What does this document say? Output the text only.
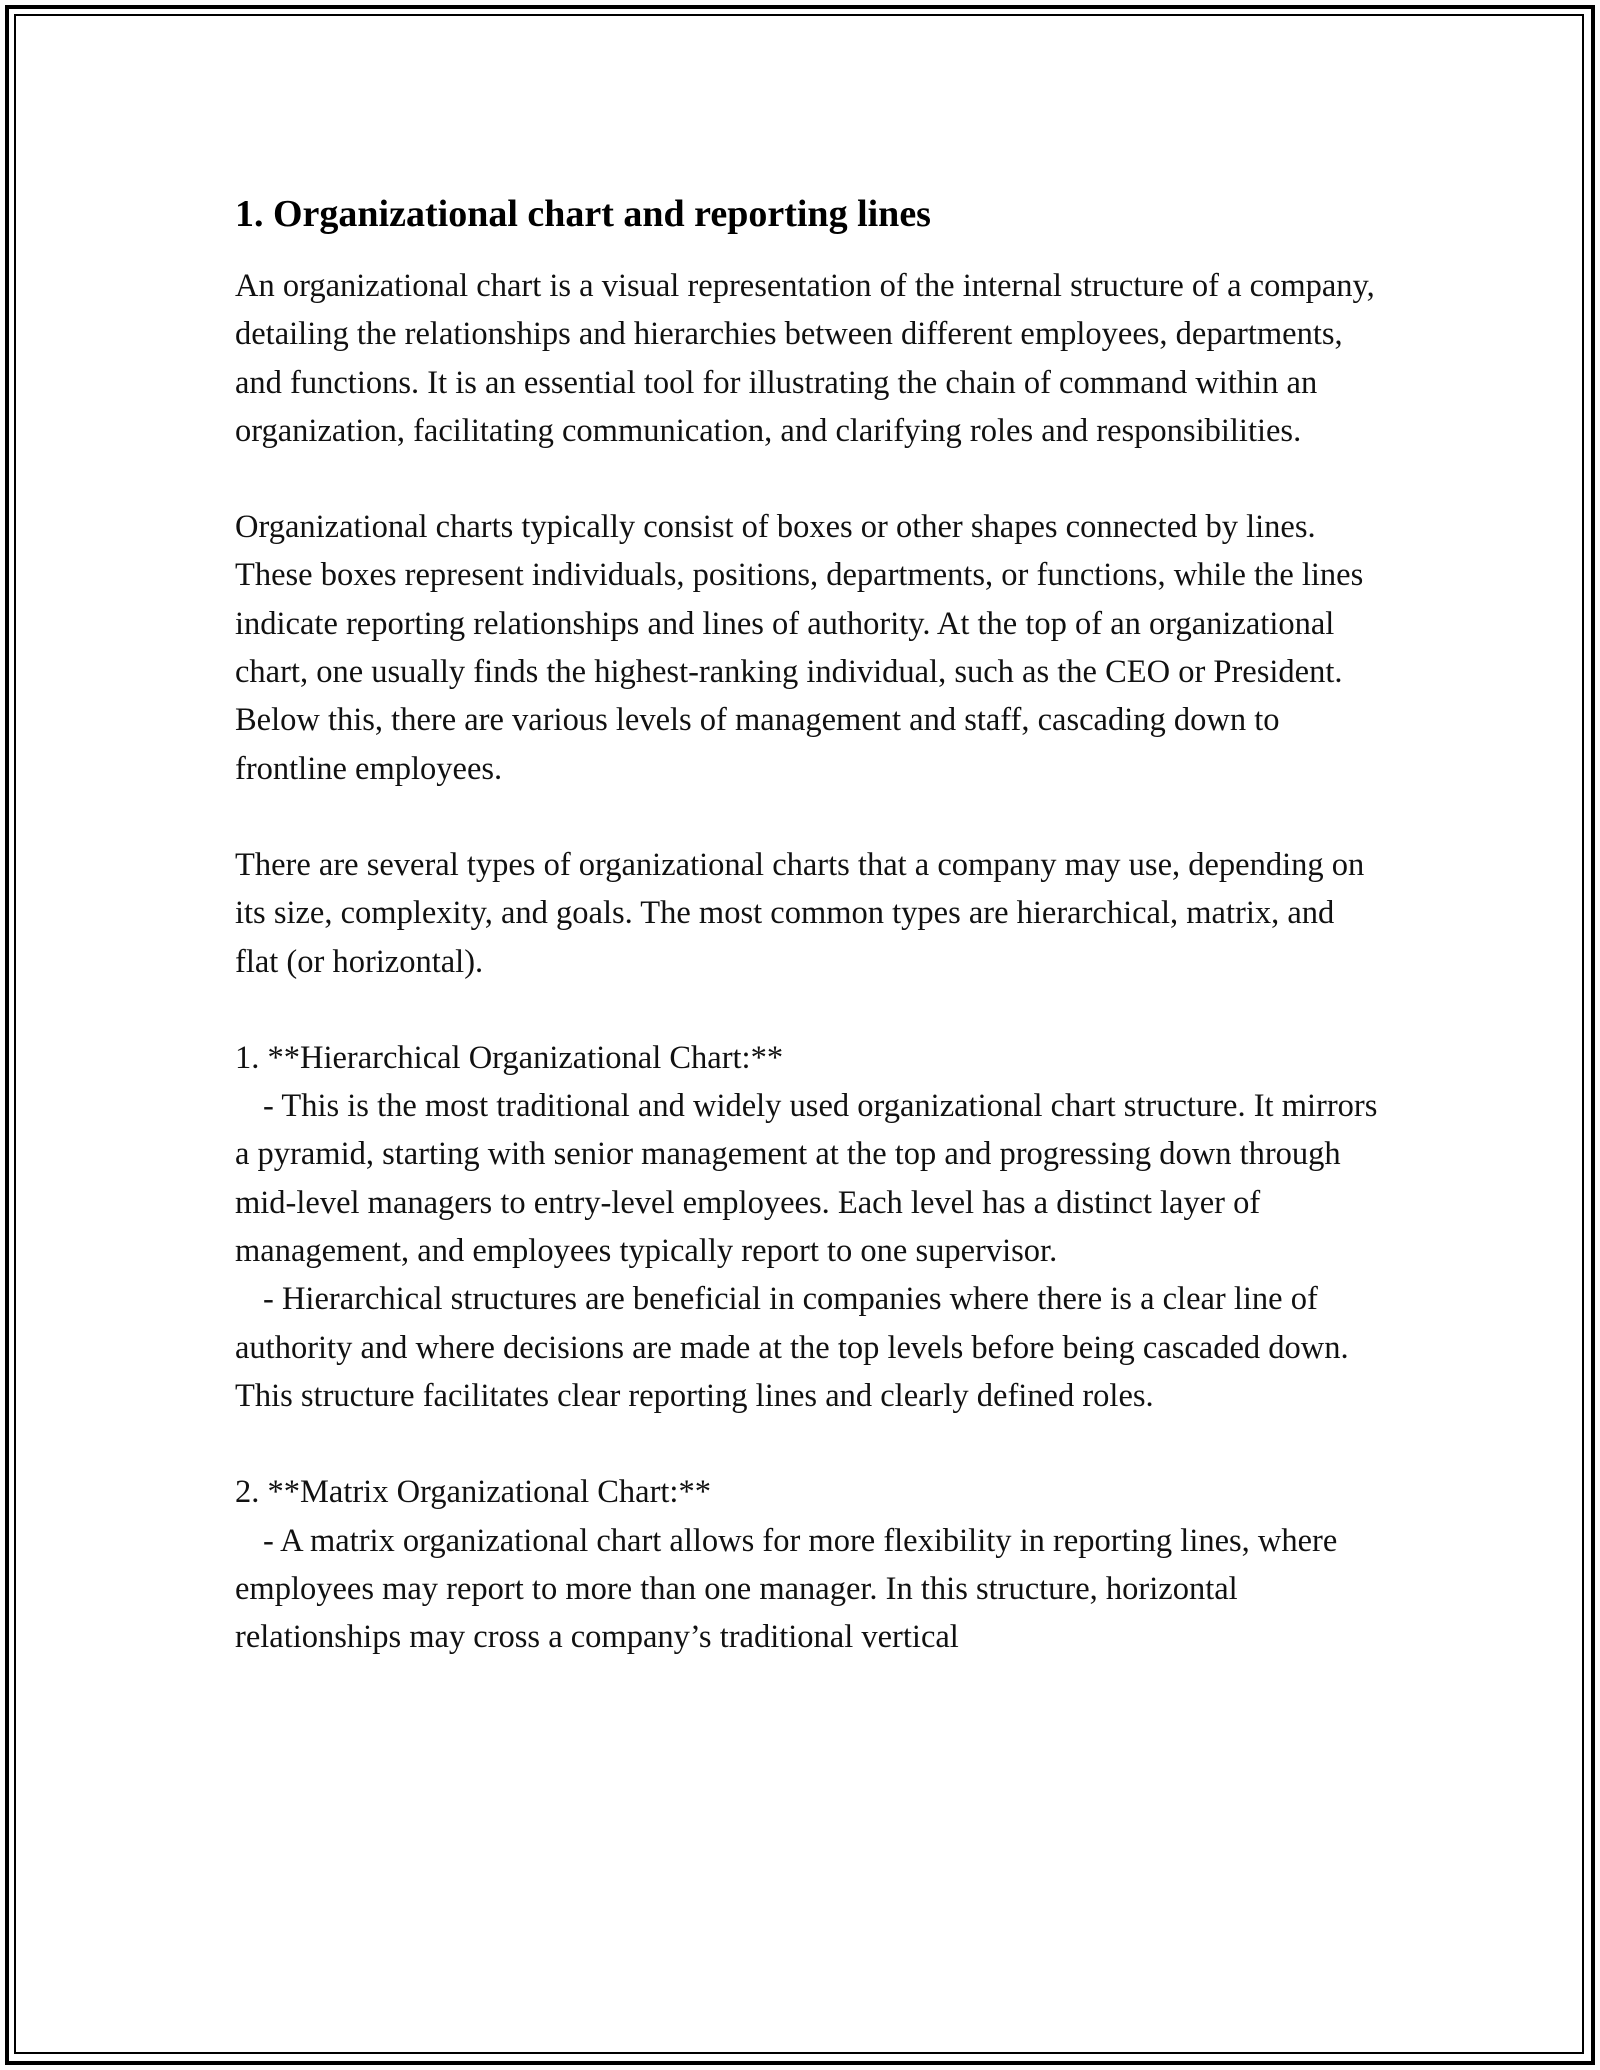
1. Organizational chart and reporting lines

An organizational chart is a visual representation of the internal structure of a company, detailing the relationships and hierarchies between different employees, departments, and functions. It is an essential tool for illustrating the chain of command within an organization, facilitating communication, and clarifying roles and responsibilities.

Organizational charts typically consist of boxes or other shapes connected by lines. These boxes represent individuals, positions, departments, or functions, while the lines indicate reporting relationships and lines of authority. At the top of an organizational chart, one usually finds the highest-ranking individual, such as the CEO or President. Below this, there are various levels of management and staff, cascading down to frontline employees.

There are several types of organizational charts that a company may use, depending on its size, complexity, and goals. The most common types are hierarchical, matrix, and flat (or horizontal).

1. **Hierarchical Organizational Chart:**

- This is the most traditional and widely used organizational chart structure. It mirrors a pyramid, starting with senior management at the top and progressing down through mid-level managers to entry-level employees. Each level has a distinct layer of management, and employees typically report to one supervisor.

- Hierarchical structures are beneficial in companies where there is a clear line of authority and where decisions are made at the top levels before being cascaded down. This structure facilitates clear reporting lines and clearly defined roles.

2. **Matrix Organizational Chart:**

- A matrix organizational chart allows for more flexibility in reporting lines, where employees may report to more than one manager. In this structure, horizontal relationships may cross a company’s traditional vertical
